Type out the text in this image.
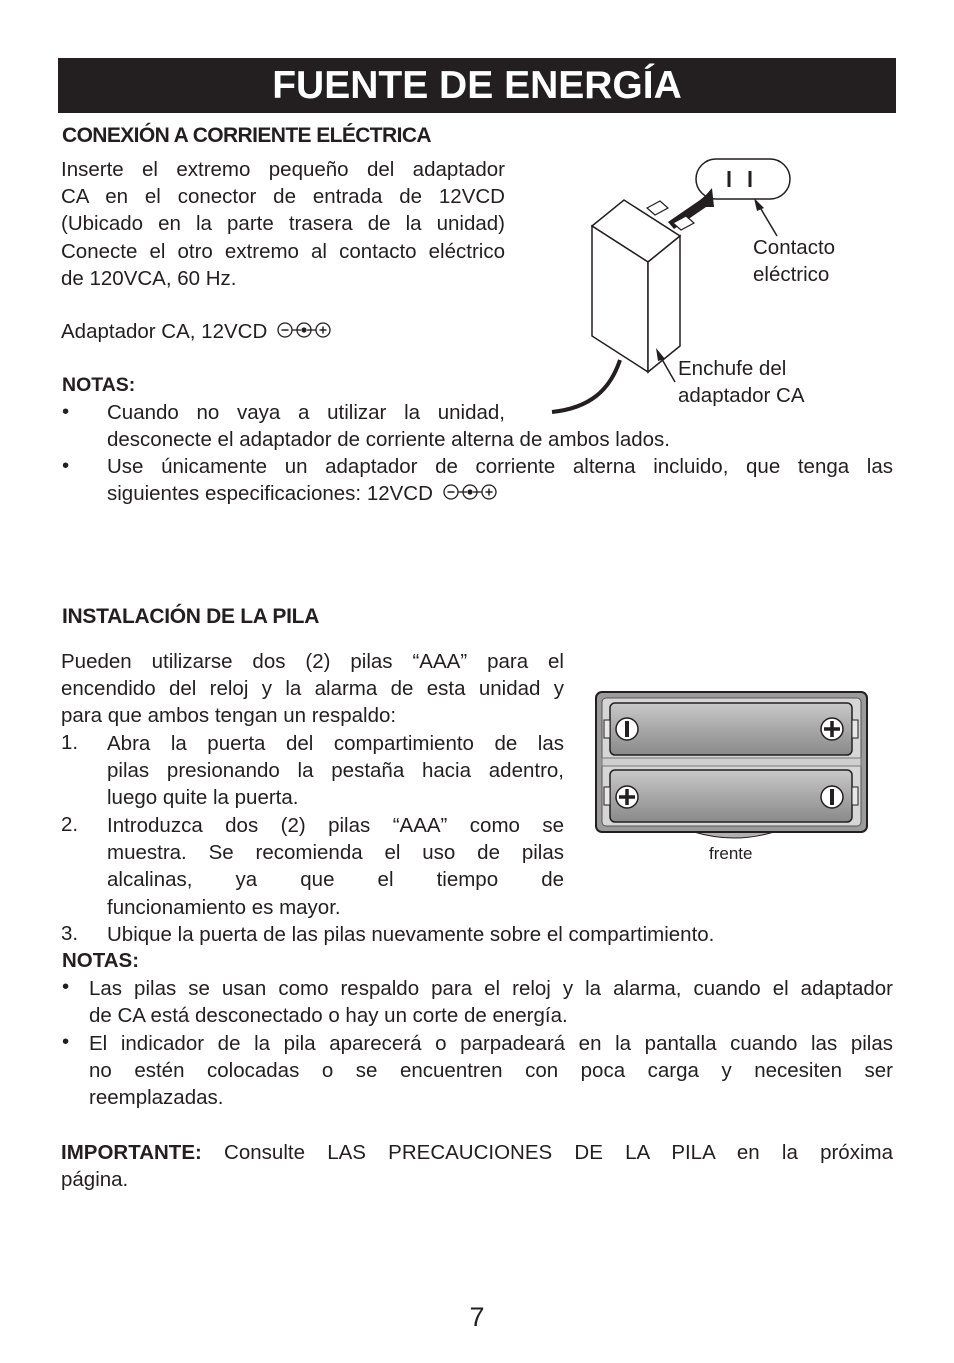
FUENTE DE ENERGÍA
CONEXIÓN A CORRIENTE ELÉCTRICA
Inserte el extremo pequeño del adaptador
CA en el conector de entrada de 12VCD
(Ubicado en la parte trasera de la unidad)
Conecte el otro extremo al contacto eléctrico
de 120VCA, 60 Hz.
Adaptador CA, 12VCD
NOTAS:
• Cuando no vaya a utilizar la unidad,
desconecte el adaptador de corriente alterna de ambos lados.
• Use únicamente un adaptador de corriente alterna incluido, que tenga las
siguientes especificaciones: 12VCD
Contacto
eléctrico
Enchufe del
adaptador CA
INSTALACIÓN DE LA PILA
Pueden utilizarse dos (2) pilas “AAA” para el
encendido del reloj y la alarma de esta unidad y
para que ambos tengan un respaldo:
1. Abra la puerta del compartimiento de las
pilas presionando la pestaña hacia adentro,
luego quite la puerta.
2. Introduzca dos (2) pilas “AAA” como se
muestra. Se recomienda el uso de pilas
alcalinas, ya que el tiempo de
funcionamiento es mayor.
3. Ubique la puerta de las pilas nuevamente sobre el compartimiento.
frente
NOTAS:
• Las pilas se usan como respaldo para el reloj y la alarma, cuando el adaptador
de CA está desconectado o hay un corte de energía.
• El indicador de la pila aparecerá o parpadeará en la pantalla cuando las pilas
no estén colocadas o se encuentren con poca carga y necesiten ser
reemplazadas.
IMPORTANTE: Consulte LAS PRECAUCIONES DE LA PILA en la próxima
página.
7
